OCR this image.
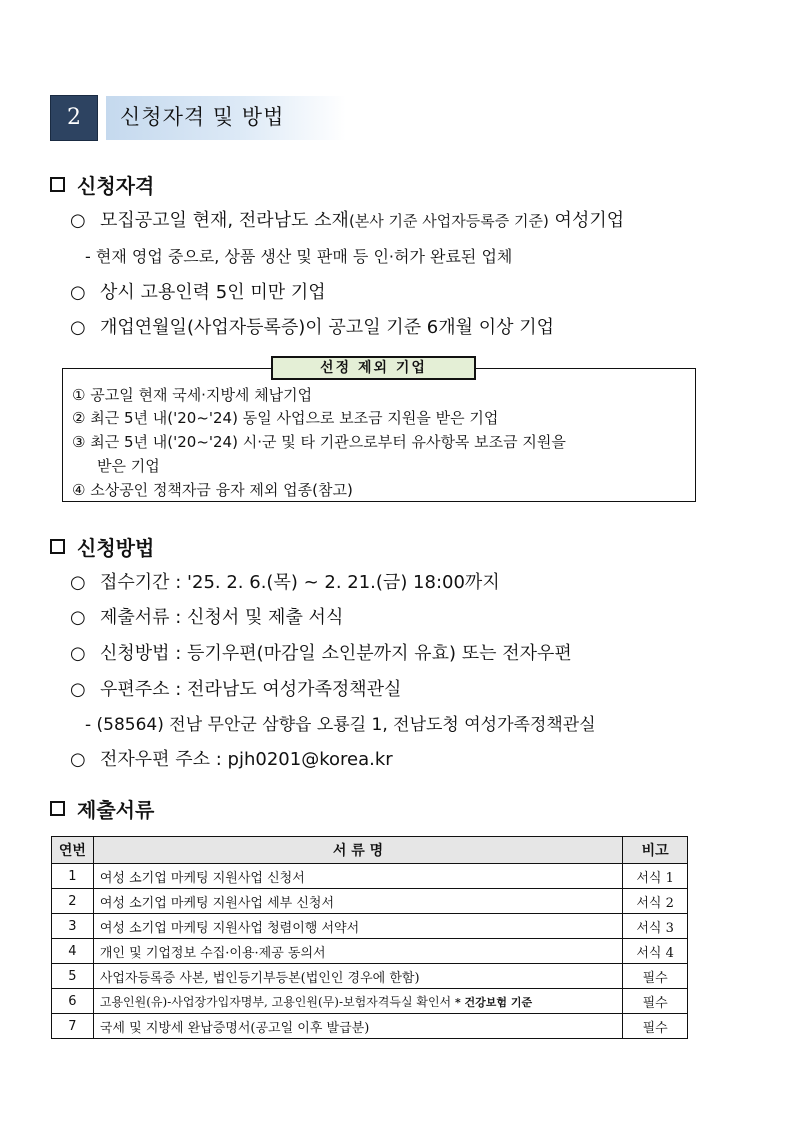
2	신청자격 및 방법
신청자격
○ 모집공고일 현재, 전라남도 소재(본사 기준 사업자등록증 기준) 여성기업
- 현재 영업 중으로, 상품 생산 및 판매 등 인·허가 완료된 업체
○ 상시 고용인력 5인 미만 기업
○ 개업연월일(사업자등록증)이 공고일 기준 6개월 이상 기업
선정 제외 기업
① 공고일 현재 국세·지방세 체납기업
② 최근 5년 내('20~'24) 동일 사업으로 보조금 지원을 받은 기업
③ 최근 5년 내('20~'24) 시·군 및 타 기관으로부터 유사항목 보조금 지원을
받은 기업
④ 소상공인 정책자금 융자 제외 업종(참고)
신청방법
○ 접수기간 : '25. 2. 6.(목) ~ 2. 21.(금) 18:00까지
○ 제출서류 : 신청서 및 제출 서식
○ 신청방법 : 등기우편(마감일 소인분까지 유효) 또는 전자우편
○ 우편주소 : 전라남도 여성가족정책관실
- (58564) 전남 무안군 삼향읍 오룡길 1, 전남도청 여성가족정책관실
○ 전자우편 주소 : pjh0201@korea.kr
제출서류
연번	서 류 명	비고
1	여성 소기업 마케팅 지원사업 신청서	서식 1
2	여성 소기업 마케팅 지원사업 세부 신청서	서식 2
3	여성 소기업 마케팅 지원사업 청렴이행 서약서	서식 3
4	개인 및 기업정보 수집·이용·제공 동의서	서식 4
5	사업자등록증 사본, 법인등기부등본(법인인 경우에 한함)	필수
6	고용인원(유)-사업장가입자명부, 고용인원(무)-보험자격득실 확인서 * 건강보험 기준	필수
7	국세 및 지방세 완납증명서(공고일 이후 발급분)	필수
